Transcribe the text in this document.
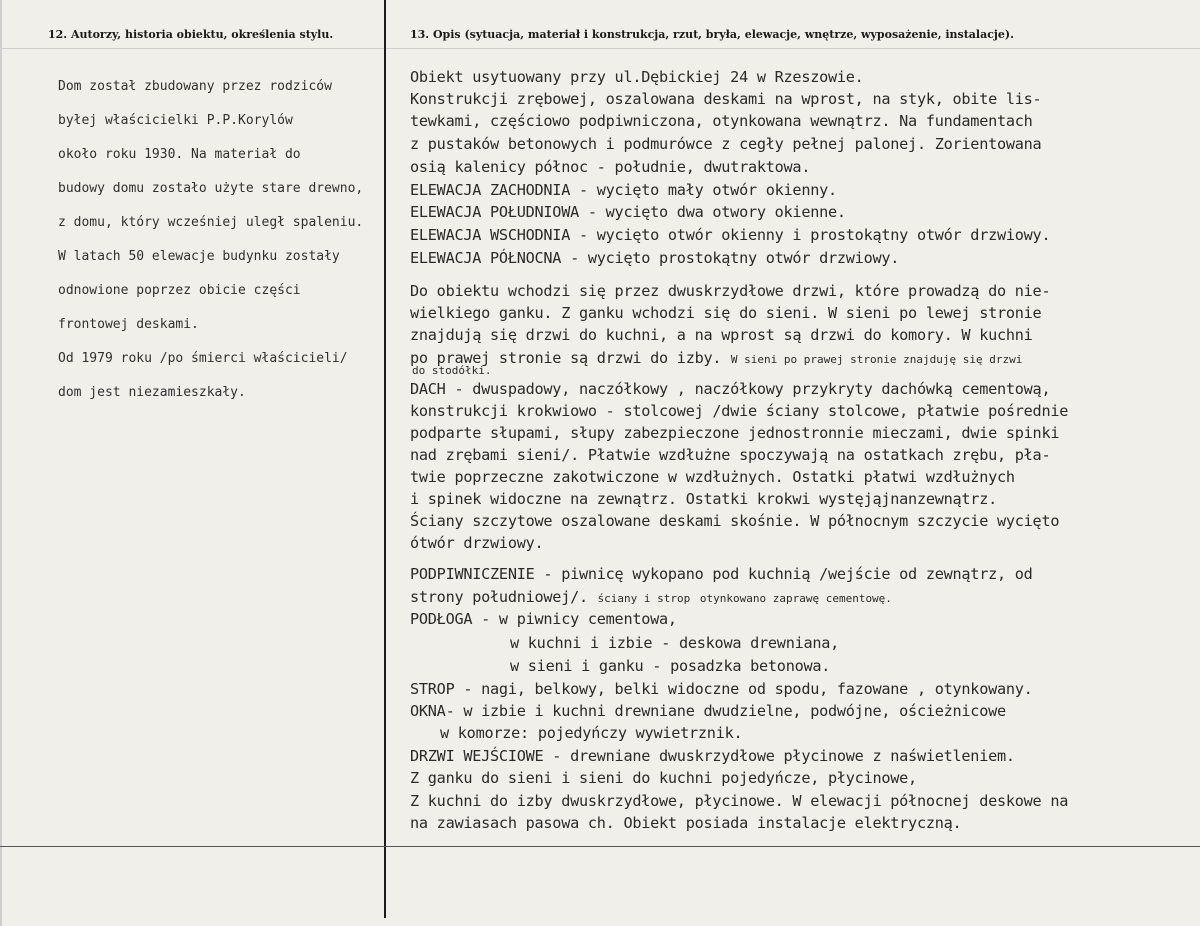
12. Autorzy, historia obiektu, określenia stylu.	13. Opis (sytuacja, materiał i konstrukcja, rzut, bryła, elewacje, wnętrze, wyposażenie, instalacje).
Dom został zbudowany przez rodziców
byłej właścicielki P.P.Korylów
około roku 1930. Na materiał do
budowy domu zostało użyte stare drewno,
z domu, który wcześniej uległ spaleniu.
W latach 50 elewacje budynku zostały
odnowione poprzez obicie części
frontowej deskami.
Od 1979 roku /po śmierci właścicieli/
dom jest niezamieszkały.
Obiekt usytuowany przy ul.Dębickiej 24 w Rzeszowie.
Konstrukcji zrębowej, oszalowana deskami na wprost, na styk, obite lis-
tewkami, częściowo podpiwniczona, otynkowana wewnątrz. Na fundamentach
z pustaków betonowych i podmurówce z cegły pełnej palonej. Zorientowana
osią kalenicy północ - południe, dwutraktowa.
ELEWACJA ZACHODNIA - wycięto mały otwór okienny.
ELEWACJA POŁUDNIOWA - wycięto dwa otwory okienne.
ELEWACJA WSCHODNIA - wycięto otwór okienny i prostokątny otwór drzwiowy.
ELEWACJA PÓŁNOCNA - wycięto prostokątny otwór drzwiowy.
Do obiektu wchodzi się przez dwuskrzydłowe drzwi, które prowadzą do nie-
wielkiego ganku. Z ganku wchodzi się do sieni. W sieni po lewej stronie
znajdują się drzwi do kuchni, a na wprost są drzwi do komory. W kuchni
po prawej stronie są drzwi do izby. W sieni po prawej stronie znajduję się drzwi
do stodółki.
DACH - dwuspadowy, naczółkowy , naczółkowy przykryty dachówką cementową,
konstrukcji krokwiowo - stolcowej /dwie ściany stolcowe, płatwie pośrednie
podparte słupami, słupy zabezpieczone jednostronnie mieczami, dwie spinki
nad zrębami sieni/. Płatwie wzdłużne spoczywają na ostatkach zrębu, pła-
twie poprzeczne zakotwiczone w wzdłużnych. Ostatki płatwi wzdłużnych
i spinek widoczne na zewnątrz. Ostatki krokwi wystęjąjnanzewnątrz.
Ściany szczytowe oszalowane deskami skośnie. W północnym szczycie wycięto
ótwór drzwiowy.
PODPIWNICZENIE - piwnicę wykopano pod kuchnią /wejście od zewnątrz, od
strony południowej/. ściany i strop otynkowano zaprawę cementowę.
PODŁOGA - w piwnicy cementowa,
w kuchni i izbie - deskowa drewniana,
w sieni i ganku - posadzka betonowa.
STROP - nagi, belkowy, belki widoczne od spodu, fazowane , otynkowany.
OKNA- w izbie i kuchni drewniane dwudzielne, podwójne, ościeżnicowe
w komorze: pojedyńczy wywietrznik.
DRZWI WEJŚCIOWE - drewniane dwuskrzydłowe płycinowe z naświetleniem.
Z ganku do sieni i sieni do kuchni pojedyńcze, płycinowe,
Z kuchni do izby dwuskrzydłowe, płycinowe. W elewacji północnej deskowe na
na zawiasach pasowa ch. Obiekt posiada instalacje elektryczną.
